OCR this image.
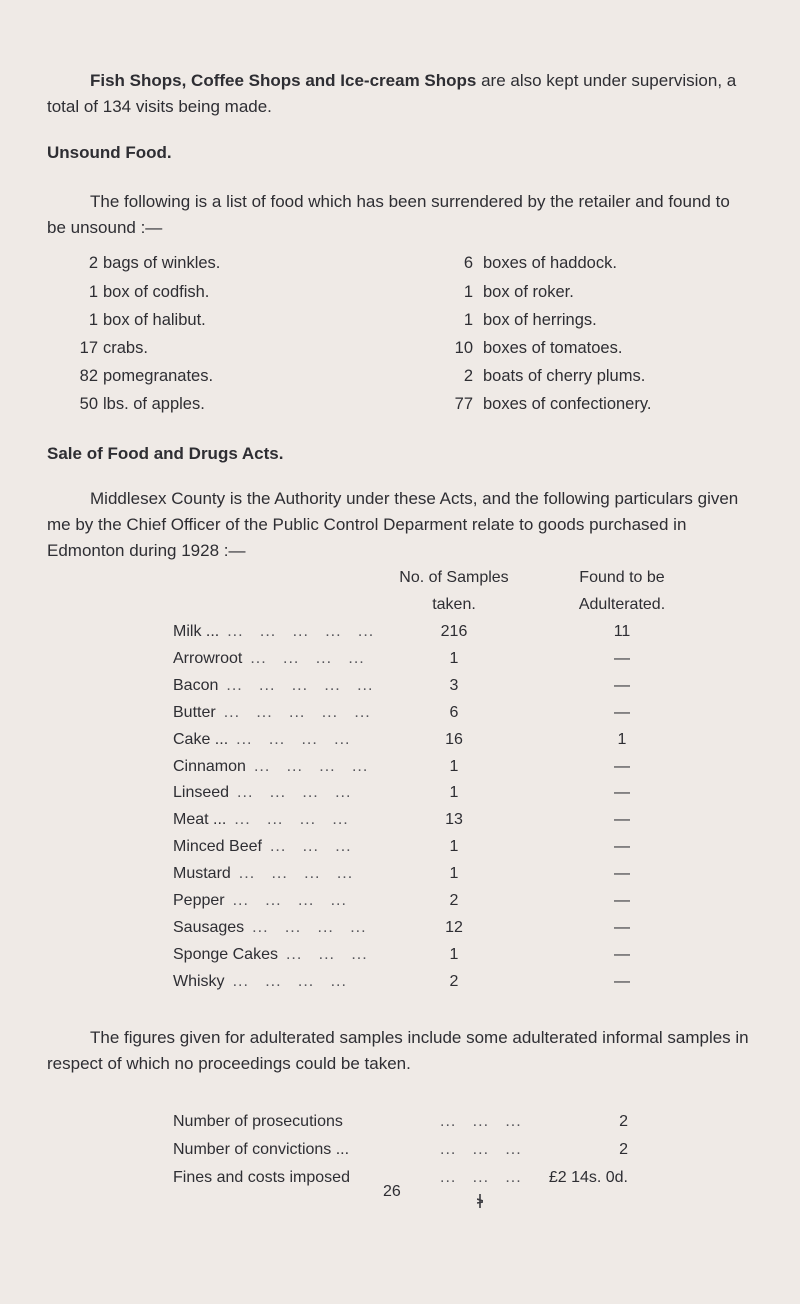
Fish Shops, Coffee Shops and Ice-cream Shops are also kept under supervision, a total of 134 visits being made.

Unsound Food.

The following is a list of food which has been surrendered by the retailer and found to be unsound :—

2 bags of winkles.
1 box of codfish.
1 box of halibut.
17 crabs.
82 pomegranates.
50 lbs. of apples.
6 boxes of haddock.
1 box of roker.
1 box of herrings.
10 boxes of tomatoes.
2 boats of cherry plums.
77 boxes of confectionery.
Sale of Food and Drugs Acts.

Middlesex County is the Authority under these Acts, and the following particulars given me by the Chief Officer of the Public Control Deparment relate to goods purchased in Edmonton during 1928 :—

No. of Samples
taken.
Found to be
Adulterated.
Milk ...	216	11
...   ...   ...   ...   ...
Arrowroot	1	—
...   ...   ...   ...
Bacon	3	—
...   ...   ...   ...   ...
Butter	6	—
...   ...   ...   ...   ...
Cake ...	16	1
...   ...   ...   ...
Cinnamon	1	—
...   ...   ...   ...
Linseed	1	—
...   ...   ...   ...
Meat ...	13	—
...   ...   ...   ...
Minced Beef	1	—
...   ...   ...
Mustard	1	—
...   ...   ...   ...
Pepper	2	—
...   ...   ...   ...
Sausages	12	—
...   ...   ...   ...
Sponge Cakes	1	—
...   ...   ...
Whisky	2	—
...   ...   ...   ...

The figures given for adulterated samples include some adulterated informal samples in respect of which no proceedings could be taken.

Number of prosecutions	2
...   ...   ...
Number of convictions ...	2
...   ...   ...
Fines and costs imposed	£2 14s. 0d.
...   ...   ...
26
